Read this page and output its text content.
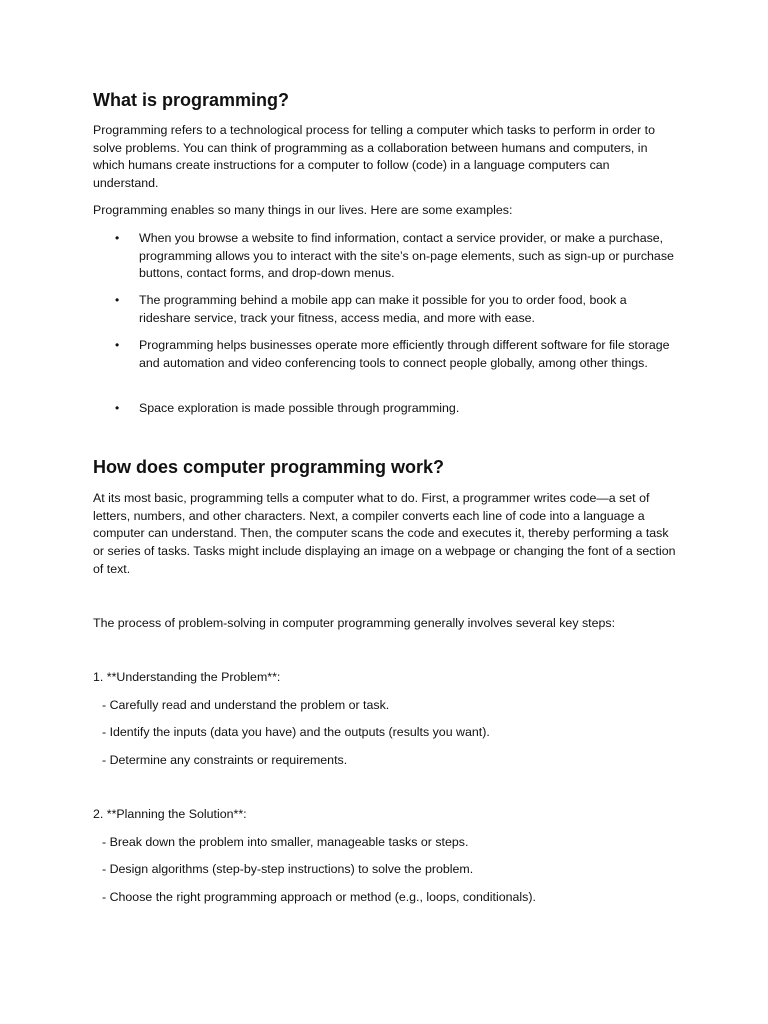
What is programming?

Programming refers to a technological process for telling a computer which tasks to perform in order to solve problems. You can think of programming as a collaboration between humans and computers, in which humans create instructions for a computer to follow (code) in a language computers can understand.

Programming enables so many things in our lives. Here are some examples:

• When you browse a website to find information, contact a service provider, or make a purchase, programming allows you to interact with the site’s on-page elements, such as sign-up or purchase buttons, contact forms, and drop-down menus.
• The programming behind a mobile app can make it possible for you to order food, book a rideshare service, track your fitness, access media, and more with ease.
• Programming helps businesses operate more efficiently through different software for file storage and automation and video conferencing tools to connect people globally, among other things.
• Space exploration is made possible through programming.
How does computer programming work?

At its most basic, programming tells a computer what to do. First, a programmer writes code—a set of letters, numbers, and other characters. Next, a compiler converts each line of code into a language a computer can understand. Then, the computer scans the code and executes it, thereby performing a task or series of tasks. Tasks might include displaying an image on a webpage or changing the font of a section of text.

The process of problem-solving in computer programming generally involves several key steps:

1. **Understanding the Problem**:

- Carefully read and understand the problem or task.

- Identify the inputs (data you have) and the outputs (results you want).

- Determine any constraints or requirements.

2. **Planning the Solution**:

- Break down the problem into smaller, manageable tasks or steps.

- Design algorithms (step-by-step instructions) to solve the problem.

- Choose the right programming approach or method (e.g., loops, conditionals).
